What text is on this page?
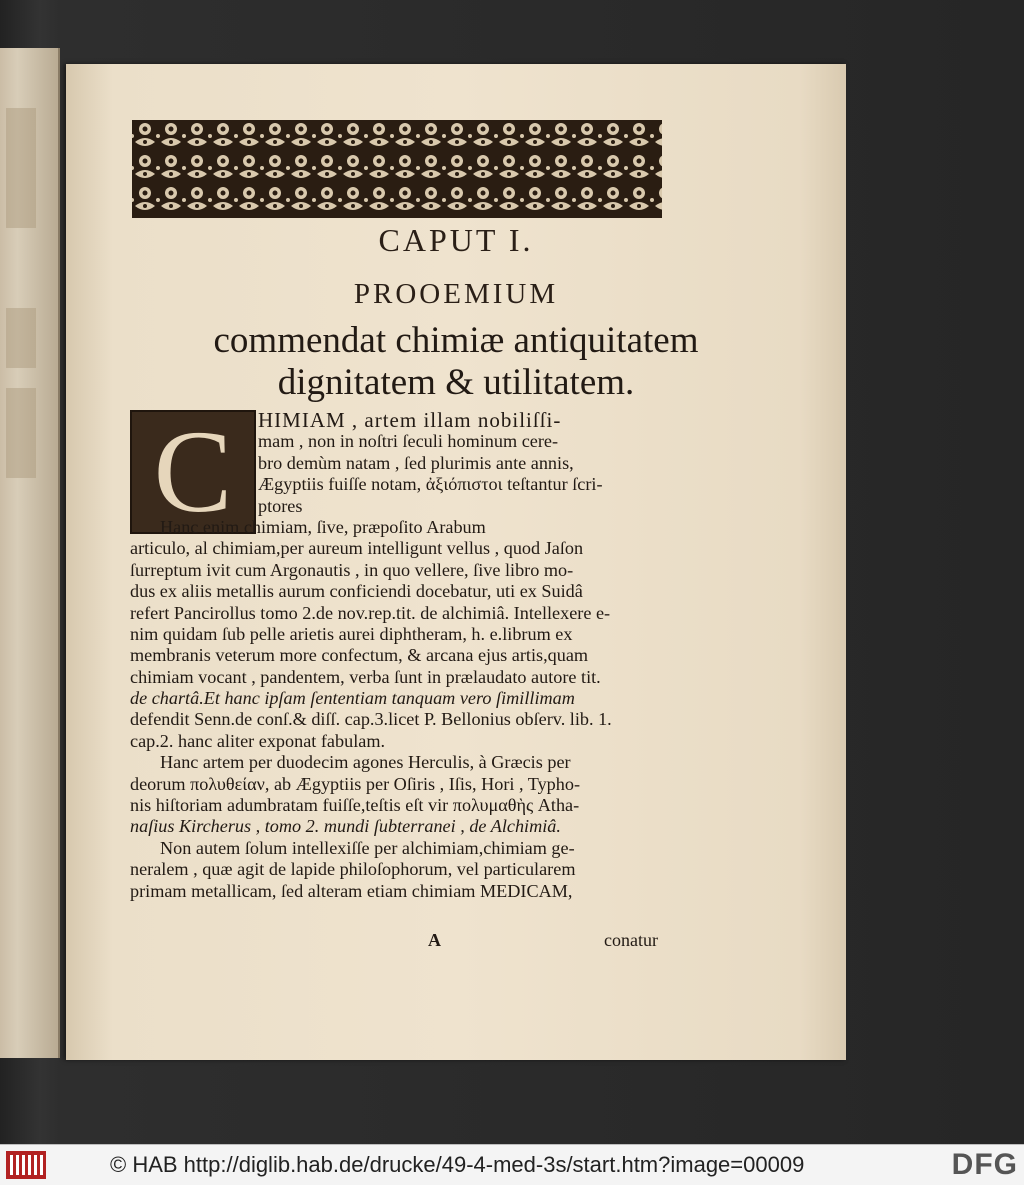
CAPUT I.
PROOEMIUM
commendat chimiæ antiquitatem
dignitatem & utilitatem.
C	HIMIAM , artem illam nobiliſſi-
mam , non in noſtri ſeculi hominum cere-
bro demùm natam , ſed plurimis ante annis,
Ægyptiis fuiſſe notam, ἀξιόπιστοι teſtantur ſcri-
ptores
Hanc enim chimiam, ſive, præpoſito Arabum
articulo, al chimiam,per aureum intelligunt vellus , quod Jaſon
ſurreptum ivit cum Argonautis , in quo vellere, ſive libro mo-
dus ex aliis metallis aurum conficiendi docebatur, uti ex Suidâ
refert Pancirollus tomo 2.de nov.rep.tit. de alchimiâ. Intellexere e-
nim quidam ſub pelle arietis aurei diphtheram, h. e.librum ex
membranis veterum more confectum, & arcana ejus artis,quam
chimiam vocant , pandentem, verba ſunt in prælaudato autore tit.
de chartâ.Et hanc ipſam ſententiam tanquam vero ſimillimam
defendit Senn.de conſ.& diſſ. cap.3.licet P. Bellonius obſerv. lib. 1.
cap.2. hanc aliter exponat fabulam.
Hanc artem per duodecim agones Herculis, à Græcis per
deorum πολυθείαν, ab Ægyptiis per Oſiris , Iſis, Hori , Typho-
nis hiſtoriam adumbratam fuiſſe,teſtis eſt vir πολυμαθὴς Atha-
naſius Kircherus , tomo 2. mundi ſubterranei , de Alchimiâ.
Non autem ſolum intellexiſſe per alchimiam,chimiam ge-
neralem , quæ agit de lapide philoſophorum, vel particularem
primam metallicam, ſed alteram etiam chimiam MEDICAM,
A	conatur
© HAB http://diglib.hab.de/drucke/49-4-med-3s/start.htm?image=00009	DFG
